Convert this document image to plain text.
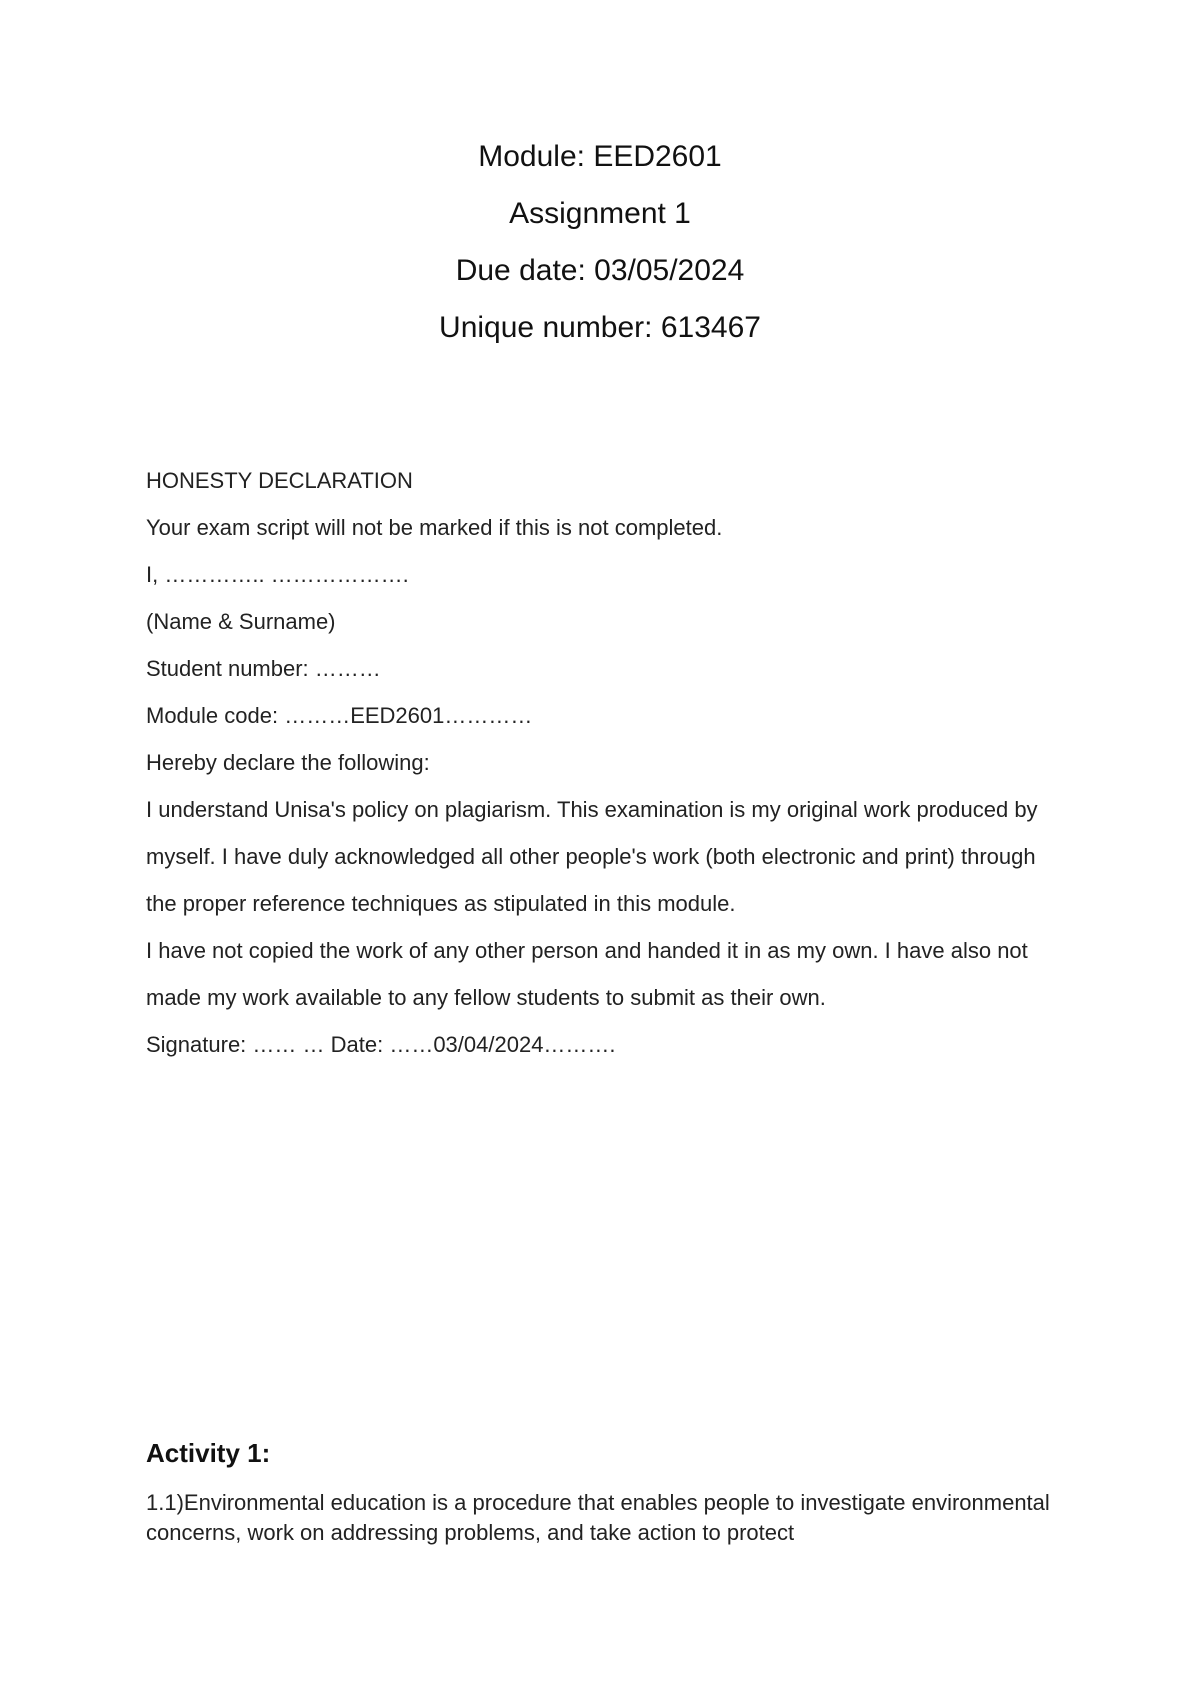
Module: EED2601
Assignment 1
Due date: 03/05/2024
Unique number: 613467

HONESTY DECLARATION

Your exam script will not be marked if this is not completed.

I, ………….. ……………….

(Name & Surname)

Student number: ………

Module code: ………EED2601…………

Hereby declare the following:

I understand Unisa's policy on plagiarism. This examination is my original work produced by

myself. I have duly acknowledged all other people's work (both electronic and print) through

the proper reference techniques as stipulated in this module.

I have not copied the work of any other person and handed it in as my own. I have also not

made my work available to any fellow students to submit as their own.

Signature: …… … Date: ……03/04/2024……….

Activity 1:

1.1)Environmental education is a procedure that enables people to investigate environmental concerns, work on addressing problems, and take action to protect
